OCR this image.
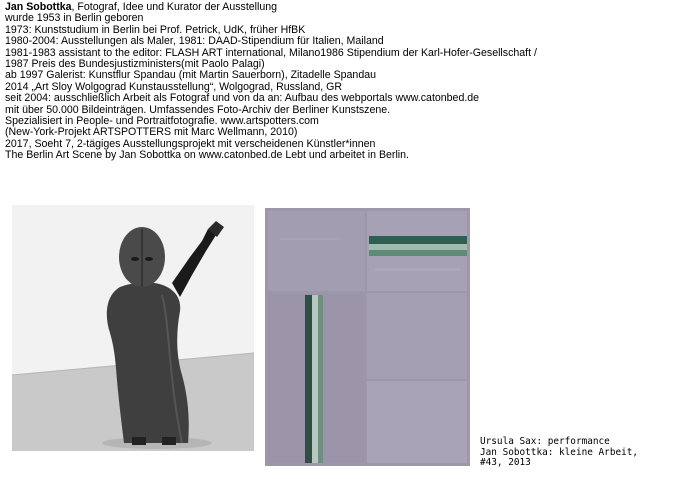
Jan Sobottka, Fotograf, Idee und Kurator der Ausstellung
wurde 1953 in Berlin geboren
1973: Kunststudium in Berlin bei Prof. Petrick, UdK, früher HfBK
1980-2004: Ausstellungen als Maler, 1981: DAAD-Stipendium für Italien, Mailand
1981-1983 assistant to the editor: FLASH ART international, Milano1986 Stipendium der Karl-Hofer-Gesellschaft /
1987 Preis des Bundesjustizministers(mit Paolo Palagi)
ab 1997 Galerist: Kunstflur Spandau (mit Martin Sauerborn), Zitadelle Spandau
2014 „Art Sloy Wolgograd Kunstausstellung“, Wolgograd, Russland, GR
seit 2004: ausschließlich Arbeit als Fotograf und von da an: Aufbau des webportals www.catonbed.de
mit über 50.000 Bildeinträgen. Umfassendes Foto-Archiv der Berliner Kunstszene.
Spezialisiert in People- und Portraitfotografie. www.artspotters.com
(New-York-Projekt ARTSPOTTERS mit Marc Wellmann, 2010)
2017, Soeht 7, 2-tägiges Ausstellungsprojekt mit verscheidenen Künstler*innen
The Berlin Art Scene by Jan Sobottka on www.catonbed.de Lebt und arbeitet in Berlin.
Ursula Sax: performance
Jan Sobottka: kleine Arbeit,
#43, 2013
